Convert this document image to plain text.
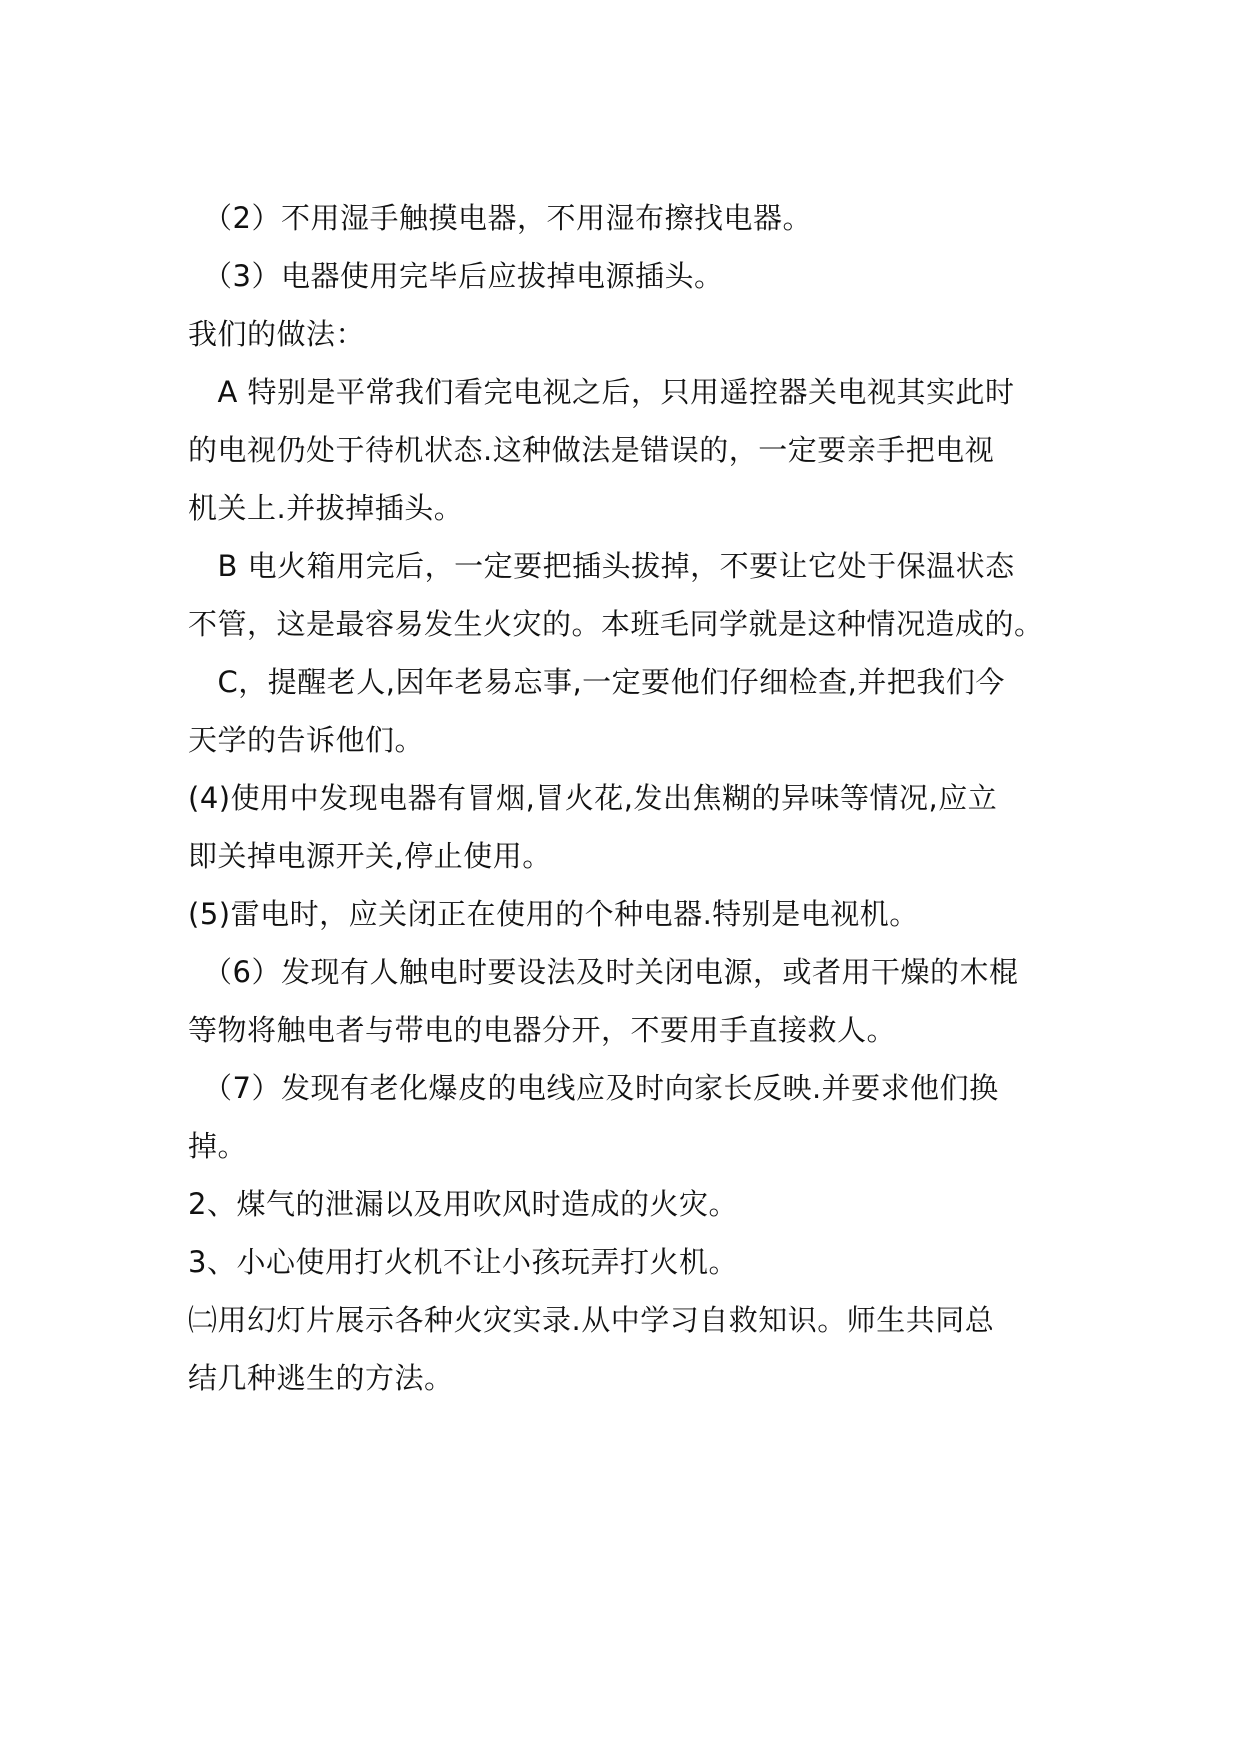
　（2）不用湿手触摸电器，不用湿布擦找电器。
　（3）电器使用完毕后应拔掉电源插头。
我们的做法：
　A 特别是平常我们看完电视之后，只用遥控器关电视其实此时
的电视仍处于待机状态.这种做法是错误的，一定要亲手把电视
机关上.并拔掉插头。
　B 电火箱用完后，一定要把插头拔掉，不要让它处于保温状态
不管，这是最容易发生火灾的。本班毛同学就是这种情况造成的。
　C，提醒老人,因年老易忘事,一定要他们仔细检查,并把我们今
天学的告诉他们。
(4)使用中发现电器有冒烟,冒火花,发出焦糊的异味等情况,应立
即关掉电源开关,停止使用。
(5)雷电时，应关闭正在使用的个种电器.特别是电视机。
　（6）发现有人触电时要设法及时关闭电源，或者用干燥的木棍
等物将触电者与带电的电器分开，不要用手直接救人。
　（7）发现有老化爆皮的电线应及时向家长反映.并要求他们换
掉。
2、煤气的泄漏以及用吹风时造成的火灾。
3、小心使用打火机不让小孩玩弄打火机。
㈡用幻灯片展示各种火灾实录.从中学习自救知识。师生共同总
结几种逃生的方法。
